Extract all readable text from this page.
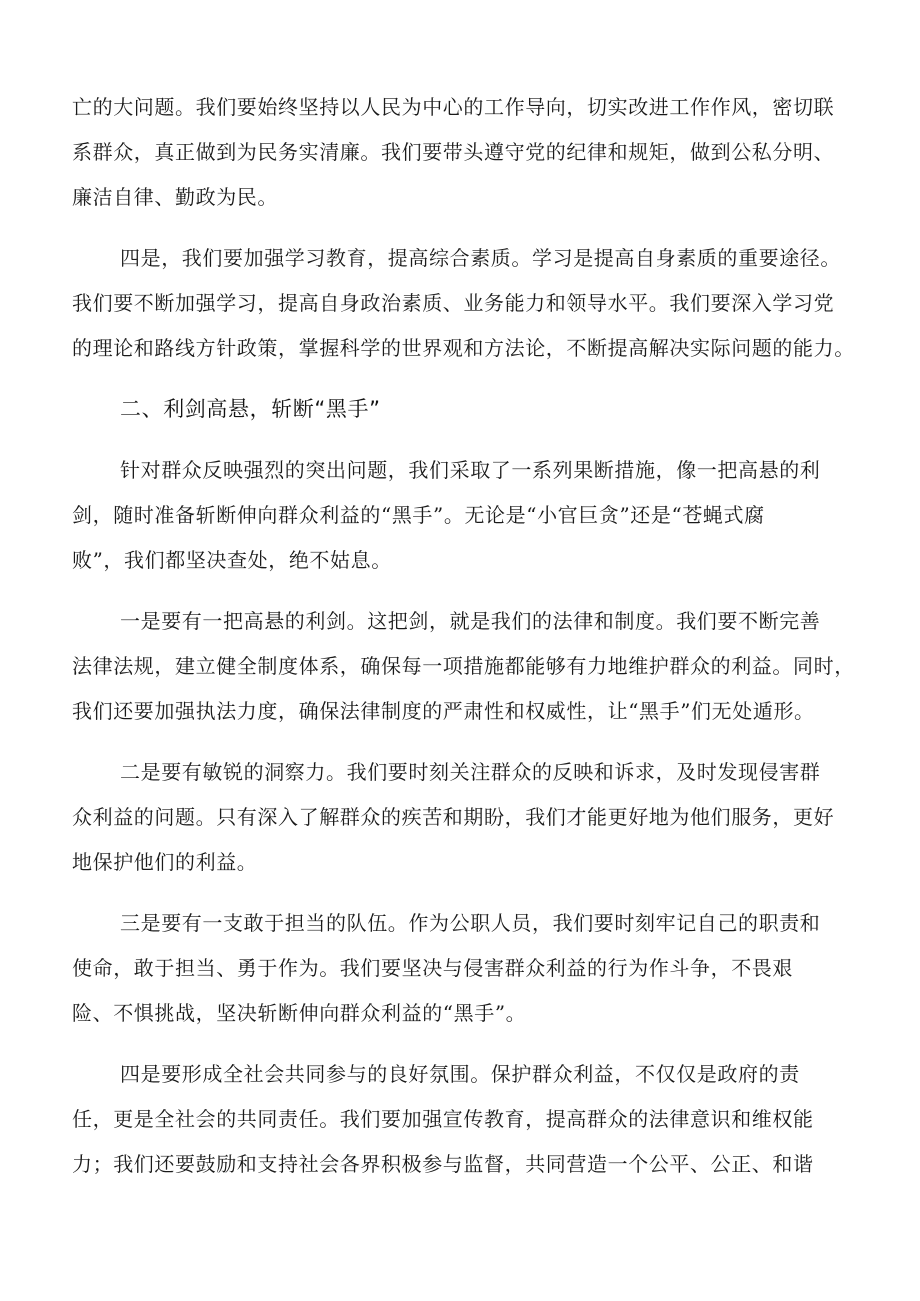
亡的大问题。我们要始终坚持以人民为中心的工作导向，切实改进工作作风，密切联
系群众，真正做到为民务实清廉。我们要带头遵守党的纪律和规矩，做到公私分明、
廉洁自律、勤政为民。
四是，我们要加强学习教育，提高综合素质。学习是提高自身素质的重要途径。
我们要不断加强学习，提高自身政治素质、业务能力和领导水平。我们要深入学习党
的理论和路线方针政策，掌握科学的世界观和方法论，不断提高解决实际问题的能力。
二、利剑高悬，斩断“黑手”
针对群众反映强烈的突出问题，我们采取了一系列果断措施，像一把高悬的利
剑，随时准备斩断伸向群众利益的“黑手”。无论是“小官巨贪”还是“苍蝇式腐
败”，我们都坚决查处，绝不姑息。
一是要有一把高悬的利剑。这把剑，就是我们的法律和制度。我们要不断完善
法律法规，建立健全制度体系，确保每一项措施都能够有力地维护群众的利益。同时，
我们还要加强执法力度，确保法律制度的严肃性和权威性，让“黑手”们无处遁形。
二是要有敏锐的洞察力。我们要时刻关注群众的反映和诉求，及时发现侵害群
众利益的问题。只有深入了解群众的疾苦和期盼，我们才能更好地为他们服务，更好
地保护他们的利益。
三是要有一支敢于担当的队伍。作为公职人员，我们要时刻牢记自己的职责和
使命，敢于担当、勇于作为。我们要坚决与侵害群众利益的行为作斗争，不畏艰
险、不惧挑战，坚决斩断伸向群众利益的“黑手”。
四是要形成全社会共同参与的良好氛围。保护群众利益，不仅仅是政府的责
任，更是全社会的共同责任。我们要加强宣传教育，提高群众的法律意识和维权能
力；我们还要鼓励和支持社会各界积极参与监督，共同营造一个公平、公正、和谐
